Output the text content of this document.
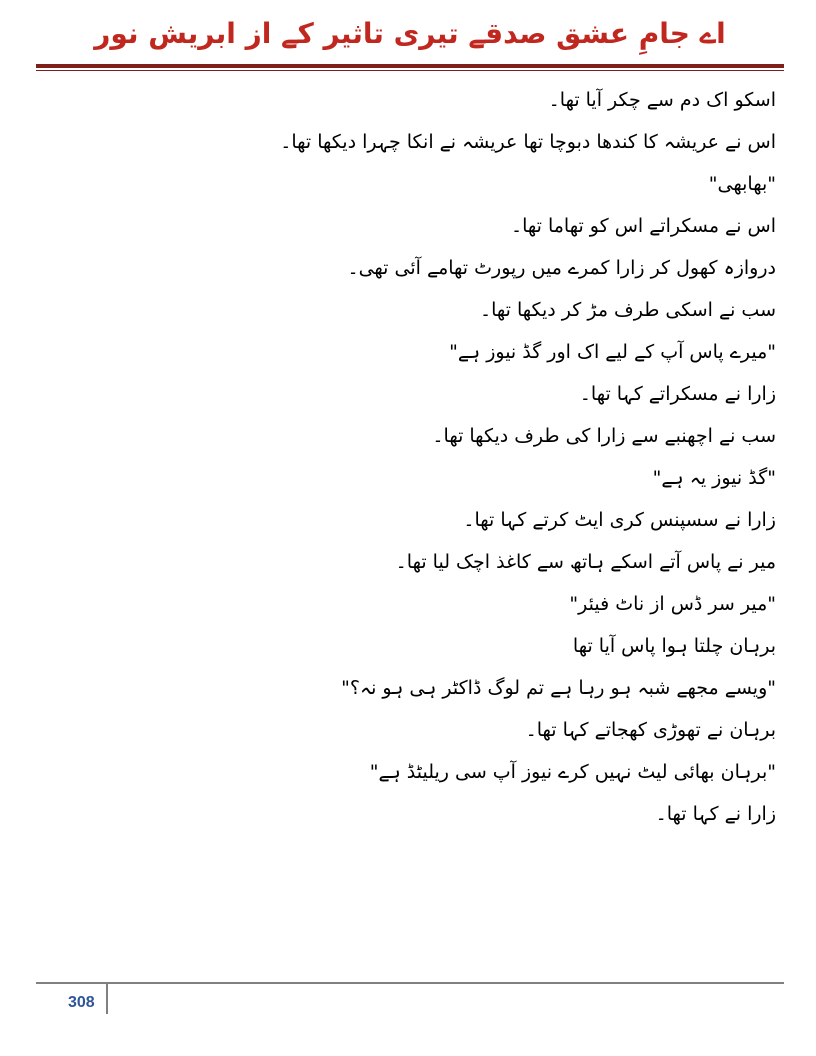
اے جامِ عشق صدقے تیری تاثیر کے از ابریش نور
اسکو اک دم سے چکر آیا تھا۔
اس نے عریشہ کا کندھا دبوچا تھا عریشہ نے انکا چہرا دیکھا تھا۔
"بھابھی"
اس نے مسکراتے اس کو تھاما تھا۔
دروازہ کھول کر زارا کمرے میں رپورٹ تھامے آئی تھی۔
سب نے اسکی طرف مڑ کر دیکھا تھا۔
"میرے پاس آپ کے لیے اک اور گڈ نیوز ہے"
زارا نے مسکراتے کہا تھا۔
سب نے اچھنبے سے زارا کی طرف دیکھا تھا۔
"گڈ نیوز یہ ہے"
زارا نے سسپنس کری ایٹ کرتے کہا تھا۔
میر نے پاس آتے اسکے ہاتھ سے کاغذ اچک لیا تھا۔
"میر سر ڈس از ناٹ فیئر"
برہان چلتا ہوا پاس آیا تھا
"ویسے مجھے شبہ ہو رہا ہے تم لوگ ڈاکٹر ہی ہو نہ؟"
برہان نے تھوڑی کھجاتے کہا تھا۔
"برہان بھائی لیٹ نہیں کرے نیوز آپ سی ریلیٹڈ ہے"
زارا نے کہا تھا۔
308
